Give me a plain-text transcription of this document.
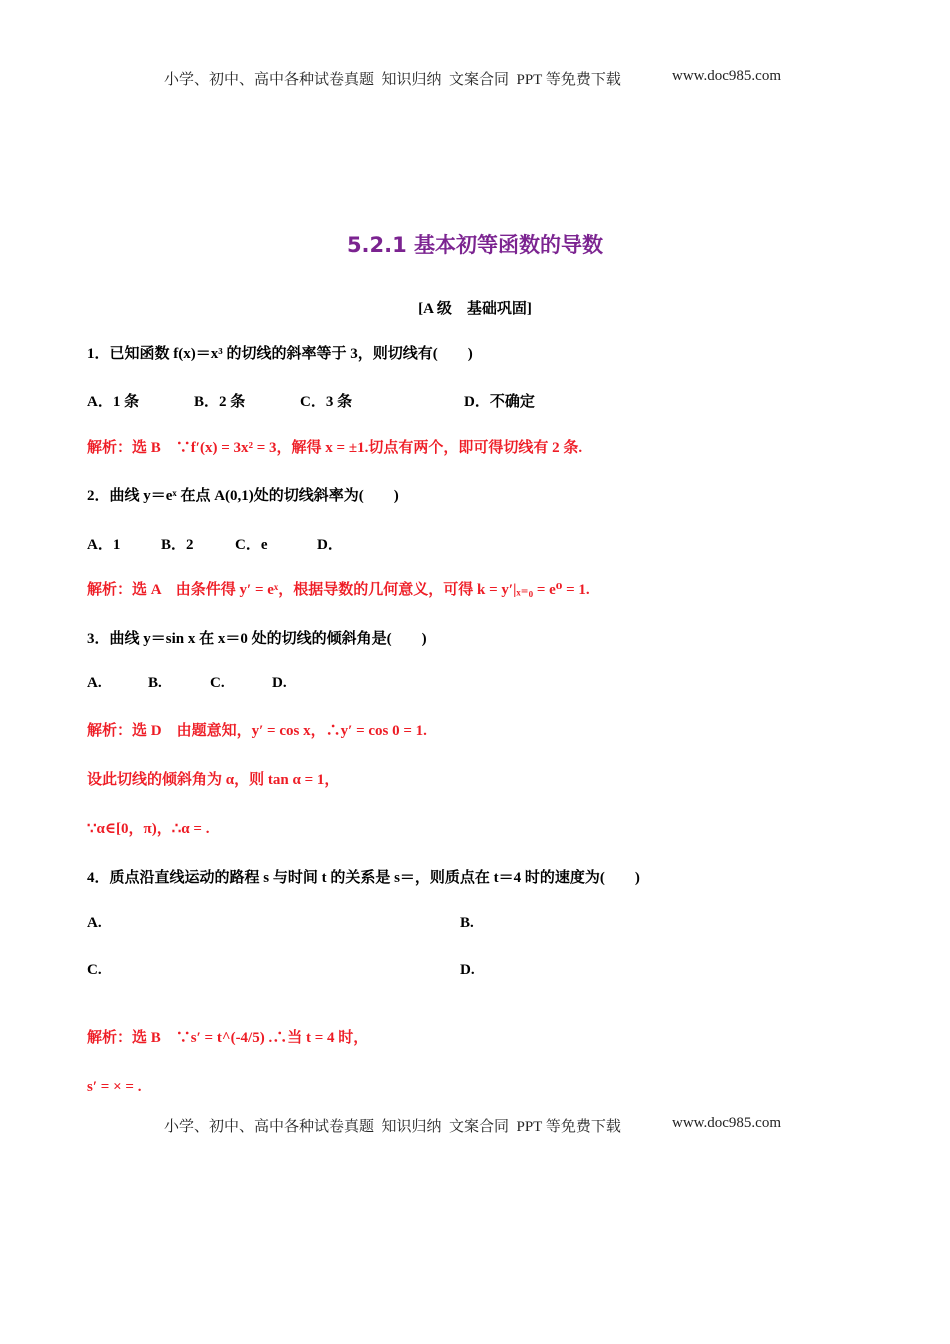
小学、初中、高中各种试卷真题  知识归纳  文案合同  PPT 等免费下载	www.doc985.com
5.2.1 基本初等函数的导数
[A 级　基础巩固]
1．已知函数 f(x)＝x³ 的切线的斜率等于 3，则切线有(　　)
A．1 条	B．2 条	C．3 条	D．不确定
解析：选 B　∵f′(x) = 3x² = 3，解得 x = ±1.切点有两个，即可得切线有 2 条.
2．曲线 y＝eˣ 在点 A(0,1)处的切线斜率为(　　)
A．1	B．2	C．e	D．
解析：选 A　由条件得 y′ = eˣ，根据导数的几何意义，可得 k = y′|ₓ₌₀ = e⁰ = 1.
3．曲线 y＝sin x 在 x＝0 处的切线的倾斜角是(　　)
A.	B.	C.	D.
解析：选 D　由题意知，y′ = cos x，∴y′ = cos 0 = 1.
设此切线的倾斜角为 α，则 tan α = 1，
∵α∈[0，π)，∴α = .
4．质点沿直线运动的路程 s 与时间 t 的关系是 s＝，则质点在 t＝4 时的速度为(　　)
A.	B.
C.	D.
解析：选 B　∵s′ = t^(-4/5) .∴当 t = 4 时，
s′ = × = .
小学、初中、高中各种试卷真题  知识归纳  文案合同  PPT 等免费下载	www.doc985.com
